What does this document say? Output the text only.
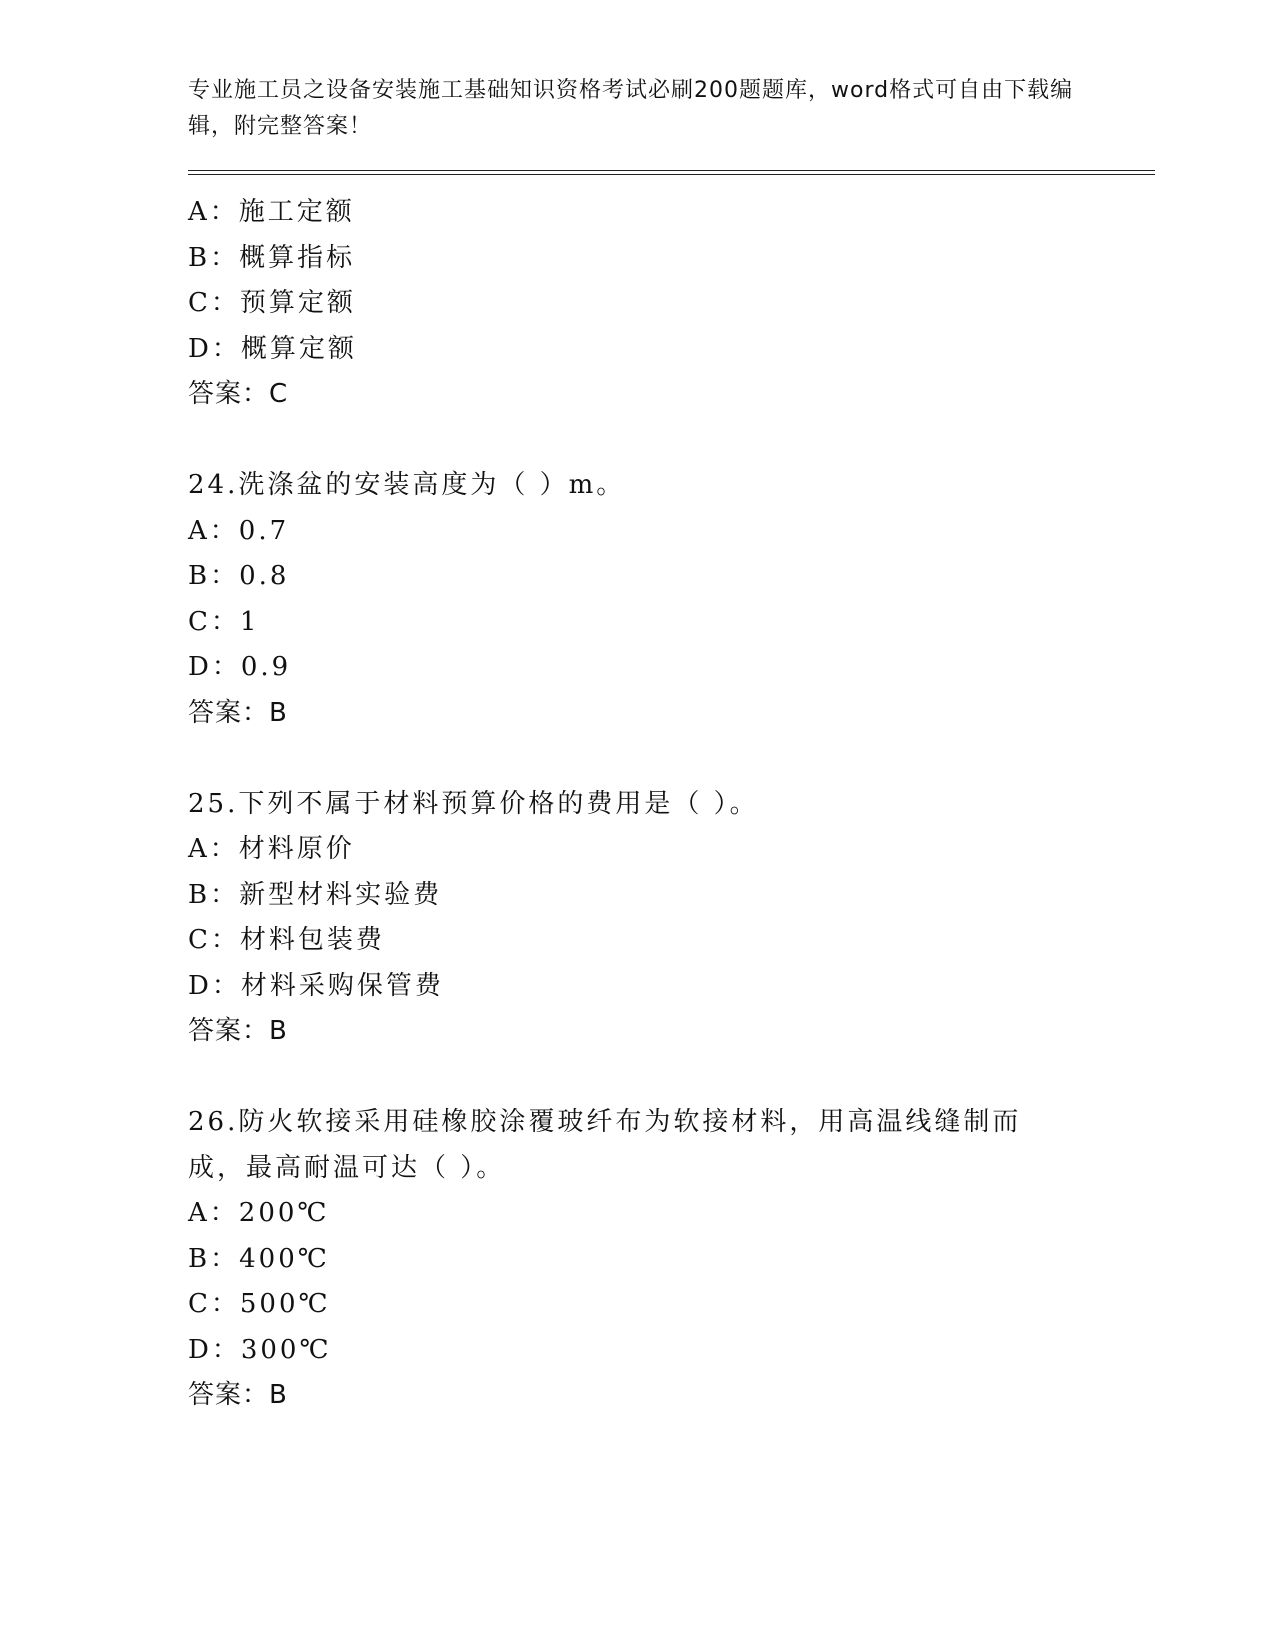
专业施工员之设备安装施工基础知识资格考试必刷200题题库，word格式可自由下载编辑，附完整答案！
A：施工定额
B：概算指标
C：预算定额
D：概算定额
答案：C
24.洗涤盆的安装高度为（ ）m。
A：0.7
B：0.8
C：1
D：0.9
答案：B
25.下列不属于材料预算价格的费用是（ ）。
A：材料原价
B：新型材料实验费
C：材料包装费
D：材料采购保管费
答案：B
26.防火软接采用硅橡胶涂覆玻纤布为软接材料，用高温线缝制而成，最高耐温可达（ ）。
A：200℃
B：400℃
C：500℃
D：300℃
答案：B
